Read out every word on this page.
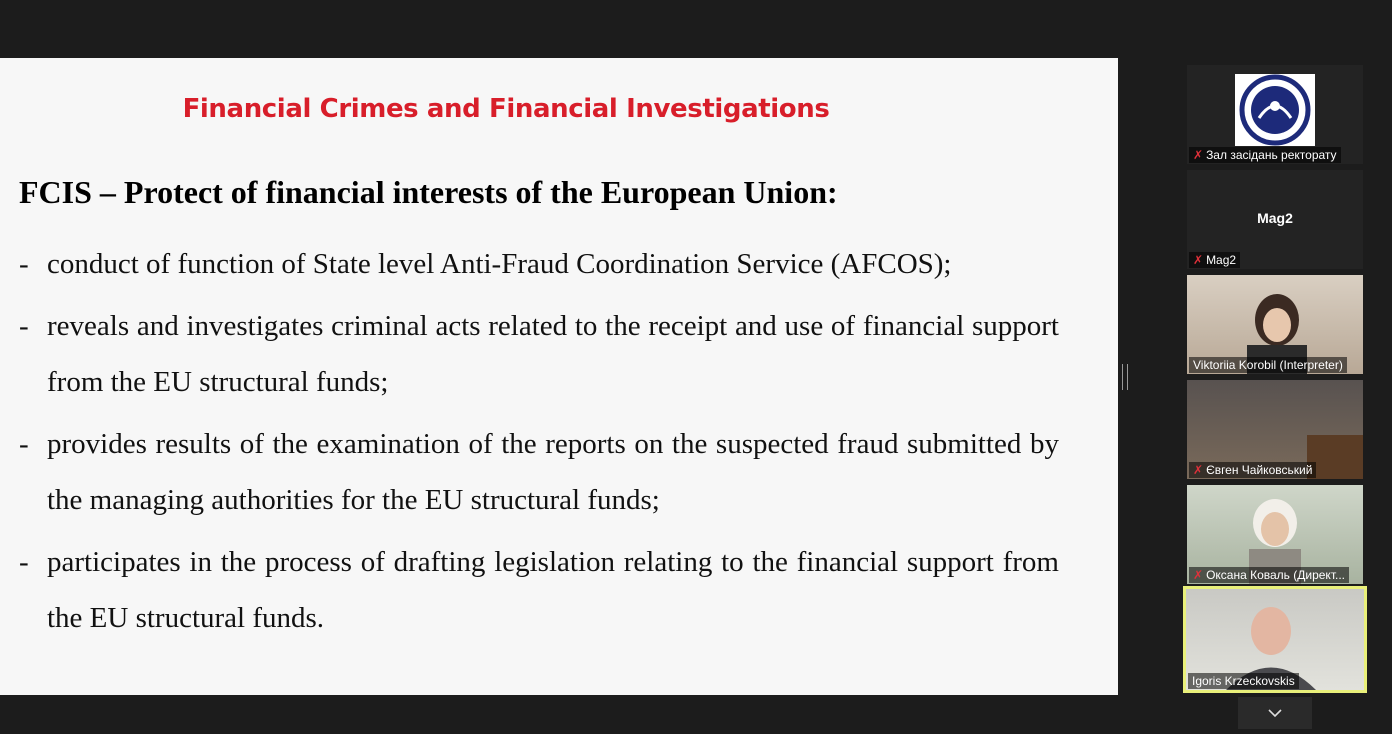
Financial Crimes and Financial Investigations
FCIS – Protect of financial interests of the European Union:
- conduct of function of State level Anti-Fraud Coordination Service (AFCOS);
- reveals and investigates criminal acts related to the receipt and use of financial support from the EU structural funds;
- provides results of the examination of the reports on the suspected fraud submitted by the managing authorities for the EU structural funds;
- participates in the process of drafting legislation relating to the financial support from the EU structural funds.
✗ Зал засідань ректорату
Mag2
✗ Mag2
Viktoriia Korobil (Interpreter)
✗ Євген Чайковський
✗ Оксана Коваль (Директ...
Igoris Krzeckovskis
